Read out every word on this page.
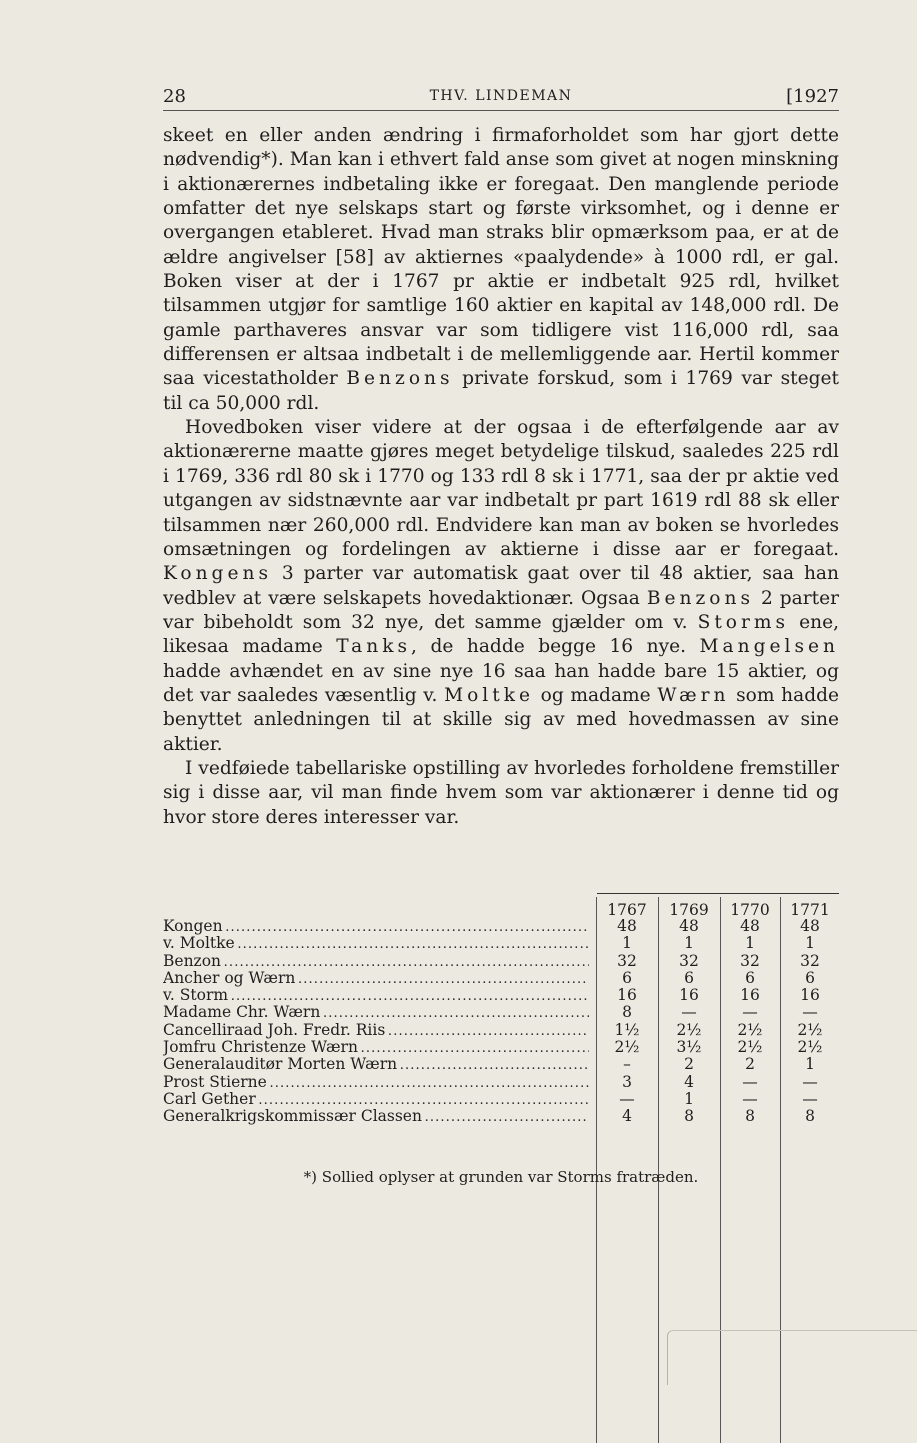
28	THV. LINDEMAN	[1927

skeet en eller anden ændring i firmaforholdet som har gjort dette nødvendig*). Man kan i ethvert fald anse som givet at nogen minskning i aktionærernes indbetaling ikke er foregaat. Den manglende periode omfatter det nye selskaps start og første virksomhet, og i denne er overgangen etableret. Hvad man straks blir opmærksom paa, er at de ældre angivelser [58] av aktiernes «paalydende» à 1000 rdl, er gal. Boken viser at der i 1767 pr aktie er indbetalt 925 rdl, hvilket tilsammen utgjør for samtlige 160 aktier en kapital av 148,000 rdl. De gamle parthaveres ansvar var som tidligere vist 116,000 rdl, saa differensen er altsaa indbetalt i de mellemliggende aar. Hertil kommer saa vicestatholder Benzons private forskud, som i 1769 var steget til ca 50,000 rdl.

Hovedboken viser videre at der ogsaa i de efterfølgende aar av aktionærerne maatte gjøres meget betydelige tilskud, saaledes 225 rdl i 1769, 336 rdl 80 sk i 1770 og 133 rdl 8 sk i 1771, saa der pr aktie ved utgangen av sidstnævnte aar var indbetalt pr part 1619 rdl 88 sk eller tilsammen nær 260,000 rdl. Endvidere kan man av boken se hvorledes omsætningen og fordelingen av aktierne i disse aar er foregaat. Kongens 3 parter var automatisk gaat over til 48 aktier, saa han vedblev at være selskapets hovedaktionær. Ogsaa Benzons 2 parter var bibeholdt som 32 nye, det samme gjælder om v. Storms ene, likesaa madame Tanks, de hadde begge 16 nye. Mangelsen hadde avhændet en av sine nye 16 saa han hadde bare 15 aktier, og det var saaledes væsentlig v. Moltke og madame Wærn som hadde benyttet anledningen til at skille sig av med hovedmassen av sine aktier.

I vedføiede tabellariske opstilling av hvorledes forholdene fremstiller sig i disse aar, vil man finde hvem som var aktionærer i denne tid og hvor store deres interesser var.

1767	1769	1770	1771
Kongen . . .	48	48	48	48
v. Moltke . . .	1	1	1	1
Benzon . . .	32	32	32	32
Ancher og Wærn . . .	6	6	6	6
v. Storm . . .	16	16	16	16
Madame Chr. Wærn . . .	8	—	—	—
Cancelliraad Joh. Fredr. Riis . . .	1½	2½	2½	2½
Jomfru Christenze Wærn . . .	2½	3½	2½	2½
Generalauditør Morten Wærn . . .	–	2	2	1
Prost Stierne . . .	3	4	—	—
Carl Gether . . .	—	1	—	—
Generalkrigskommissær Classen . . .	4	8	8	8
*) Sollied oplyser at grunden var Storms fratræden.
